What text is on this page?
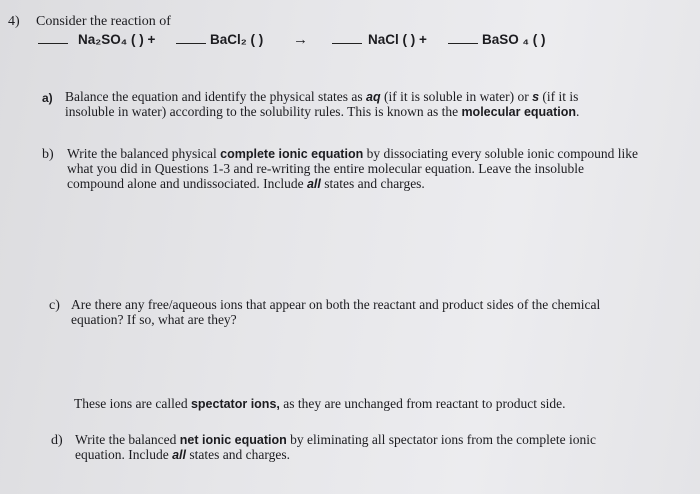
4) Consider the reaction of
Na₂SO₄ ( ) +	BaCl₂ ( ) →	NaCl ( ) +	BaSO ₄ ( )
a) Balance the equation and identify the physical states as aq (if it is soluble in water) or s (if it is
insoluble in water) according to the solubility rules. This is known as the molecular equation.
b) Write the balanced physical complete ionic equation by dissociating every soluble ionic compound like
what you did in Questions 1-3 and re-writing the entire molecular equation. Leave the insoluble
compound alone and undissociated. Include all states and charges.
c) Are there any free/aqueous ions that appear on both the reactant and product sides of the chemical
equation? If so, what are they?
These ions are called spectator ions, as they are unchanged from reactant to product side.
d) Write the balanced net ionic equation by eliminating all spectator ions from the complete ionic
equation. Include all states and charges.
